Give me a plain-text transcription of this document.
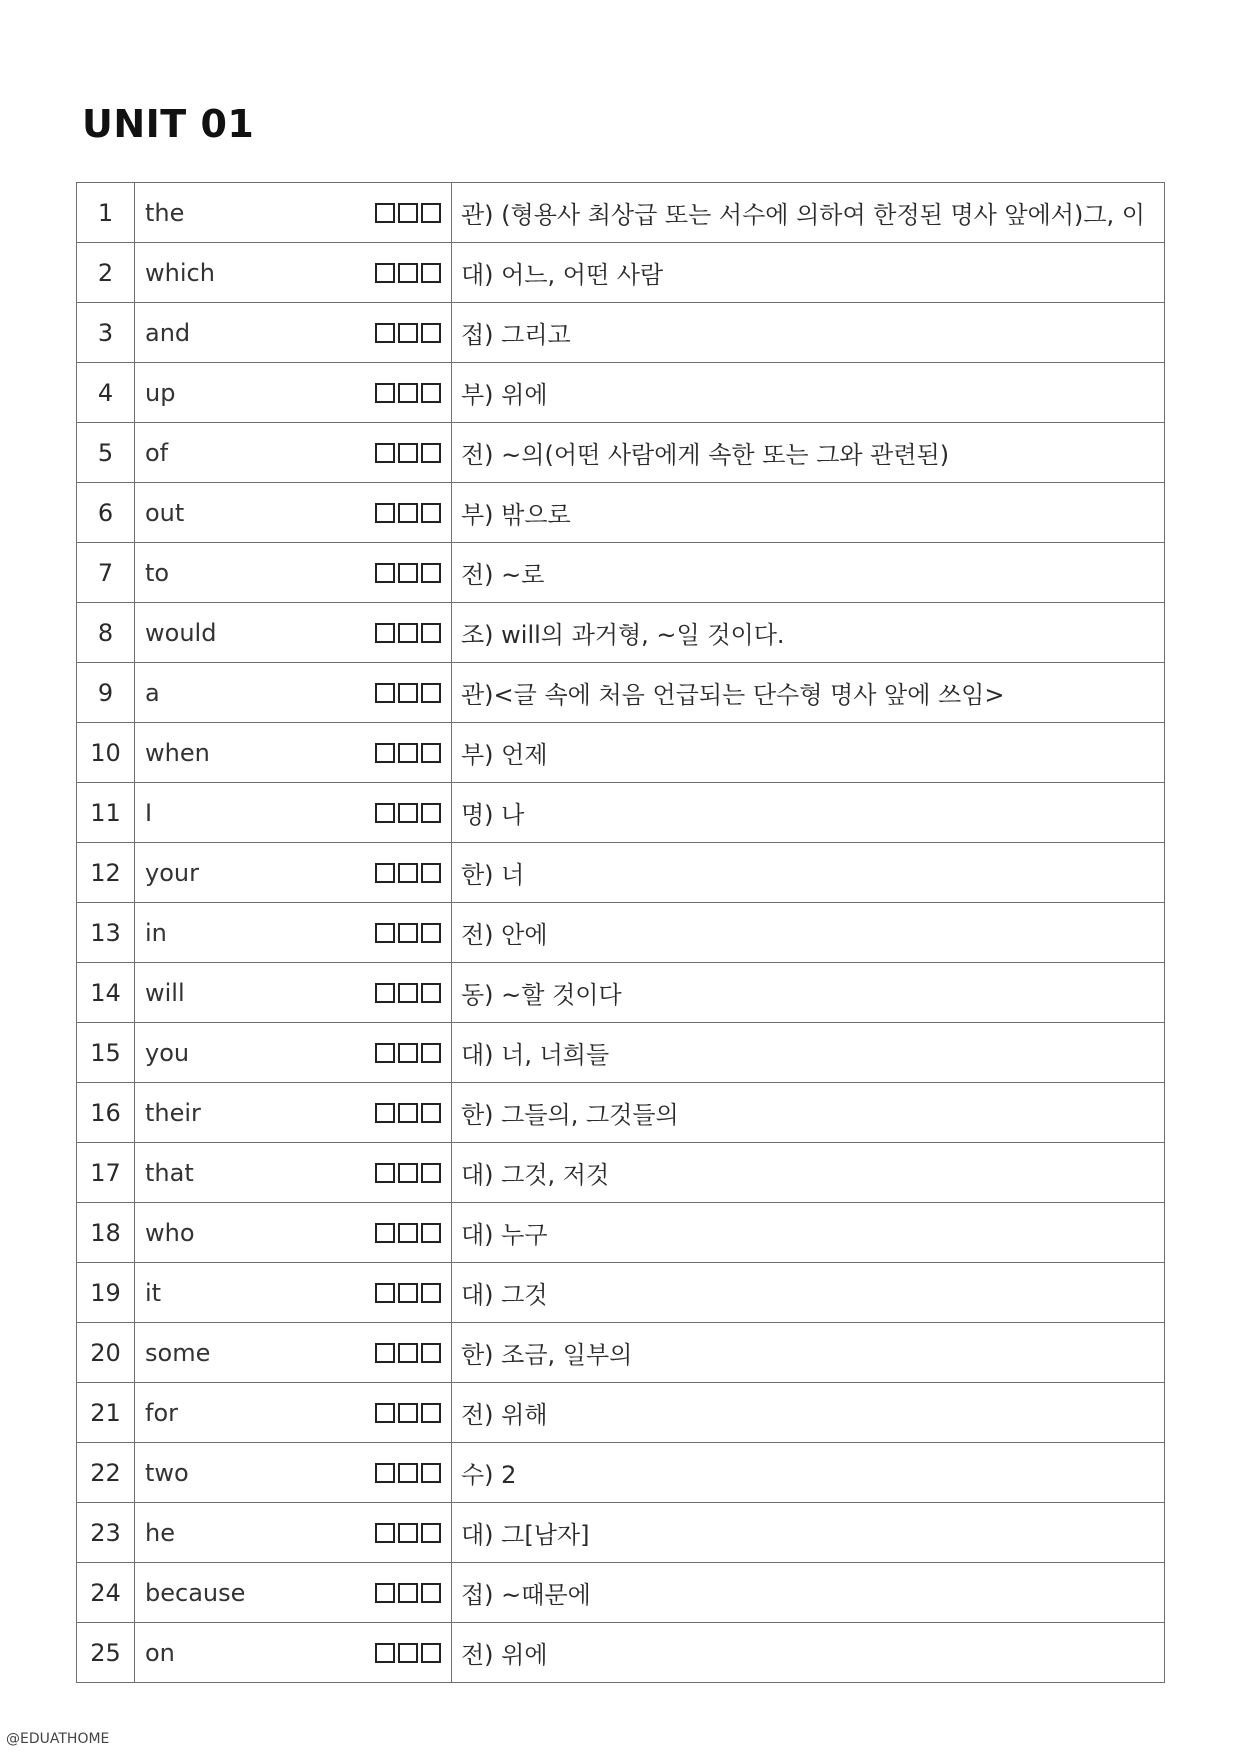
UNIT 01
1	the	관) (형용사 최상급 또는 서수에 의하여 한정된 명사 앞에서)그, 이
2	which	대) 어느, 어떤 사람
3	and	접) 그리고
4	up	부) 위에
5	of	전) ~의(어떤 사람에게 속한 또는 그와 관련된)
6	out	부) 밖으로
7	to	전) ~로
8	would	조) will의 과거형, ~일 것이다.
9	a	관)<글 속에 처음 언급되는 단수형 명사 앞에 쓰임>
10	when	부) 언제
11	I	명) 나
12	your	한) 너
13	in	전) 안에
14	will	동) ~할 것이다
15	you	대) 너, 너희들
16	their	한) 그들의, 그것들의
17	that	대) 그것, 저것
18	who	대) 누구
19	it	대) 그것
20	some	한) 조금, 일부의
21	for	전) 위해
22	two	수) 2
23	he	대) 그[남자]
24	because	접) ~때문에
25	on	전) 위에
@EDUATHOME
